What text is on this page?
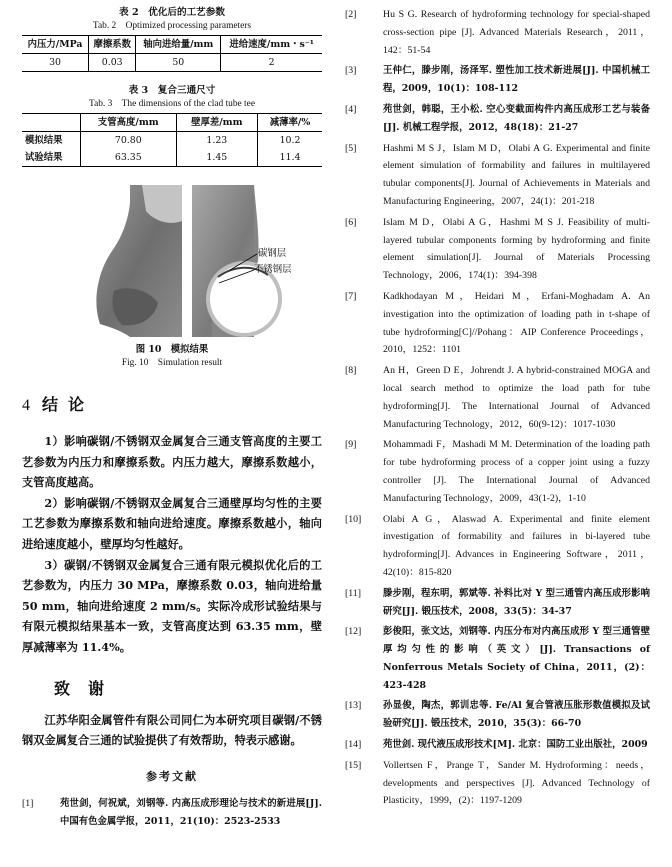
表 2　优化后的工艺参数
Tab. 2　Optimized processing parameters
内压力/MPa	摩擦系数	轴向进给量/mm	进给速度/mm・s⁻¹
30	0.03	50	2
表 3　复合三通尺寸
Tab. 3　The dimensions of the clad tube tee
	支管高度/mm	壁厚差/mm	减薄率/%
模拟结果	70.80	1.23	10.2
试验结果	63.35	1.45	11.4
碳钢层
不锈钢层
图 10　模拟结果
Fig. 10　Simulation result
4 结论

1）影响碳钢/不锈钢双金属复合三通支管高度的主要工艺参数为内压力和摩擦系数。内压力越大，摩擦系数越小，支管高度越高。

2）影响碳钢/不锈钢双金属复合三通壁厚均匀性的主要工艺参数为摩擦系数和轴向进给速度。摩擦系数越小，轴向进给速度越小，壁厚均匀性越好。

3）碳钢/不锈钢双金属复合三通有限元模拟优化后的工艺参数为，内压力 30 MPa，摩擦系数 0.03，轴向进给量 50 mm，轴向进给速度 2 mm/s。实际冷成形试验结果与有限元模拟结果基本一致，支管高度达到 63.35 mm，壁厚减薄率为 11.4%。

致谢

江苏华阳金属管件有限公司同仁为本研究项目碳钢/不锈钢双金属复合三通的试验提供了有效帮助，特表示感谢。

参考文献
[1]	苑世剑，何祝斌，刘钢等. 内高压成形理论与技术的新进展[J]. 中国有色金属学报，2011，21(10)：2523-2533
[2]	Hu S G. Research of hydroforming technology for special-shaped cross-section pipe [J]. Advanced Materials Research，2011，142：51-54
[3]	王仲仁，滕步刚，汤泽军. 塑性加工技术新进展[J]. 中国机械工程，2009，10(1)：108-112
[4]	苑世剑，韩聪，王小松. 空心变截面构件内高压成形工艺与装备[J]. 机械工程学报，2012，48(18)：21-27
[5]	Hashmi M S J，Islam M D，Olabi A G. Experimental and finite element simulation of formability and failures in multilayered tubular components[J]. Journal of Achievements in Materials and Manufacturing Engineering，2007，24(1)：201-218
[6]	Islam M D，Olabi A G，Hashmi M S J. Feasibility of multi-layered tubular components forming by hydroforming and finite element simulation[J]. Journal of Materials Processing Technology，2006，174(1)：394-398
[7]	Kadkhodayan M，Heidari M，Erfani-Moghadam A. An investigation into the optimization of loading path in t-shape of tube hydroforming[C]//Pohang：AIP Conference Proceedings，2010，1252：1101
[8]	An H，Green D E，Johrendt J. A hybrid-constrained MOGA and local search method to optimize the load path for tube hydroforming[J]. The International Journal of Advanced Manufacturing Technology，2012，60(9-12)：1017-1030
[9]	Mohammadi F，Mashadi M M. Determination of the loading path for tube hydroforming process of a copper joint using a fuzzy controller [J]. The International Journal of Advanced Manufacturing Technology，2009，43(1-2)，1-10
[10]	Olabi A G，Alaswad A. Experimental and finite element investigation of formability and failures in bi-layered tube hydroforming[J]. Advances in Engineering Software，2011，42(10)：815-820
[11]	滕步刚，程东明，郭斌等. 补料比对 Y 型三通管内高压成形影响研究[J]. 锻压技术，2008，33(5)：34-37
[12]	彭俊阳，张文达，刘钢等. 内压分布对内高压成形 Y 型三通管壁厚均匀性的影响（英文）[J]. Transactions of Nonferrous Metals Society of China，2011，(2)：423-428
[13]	孙显俊，陶杰，郭训忠等. Fe/Al 复合管液压胀形数值模拟及试验研究[J]. 锻压技术，2010，35(3)：66-70
[14]	苑世剑. 现代液压成形技术[M]. 北京：国防工业出版社，2009
[15]	Vollertsen F，Prange T，Sander M. Hydroforming：needs，developments and perspectives [J]. Advanced Technology of Plasticity，1999，(2)：1197-1209
